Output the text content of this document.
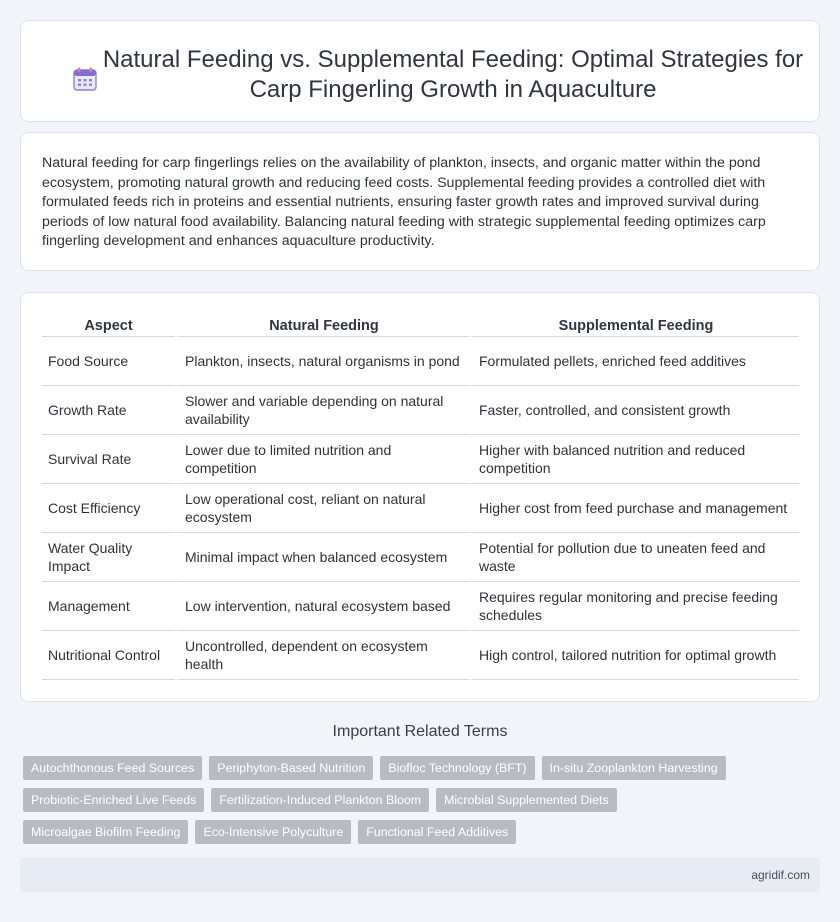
Natural Feeding vs. Supplemental Feeding: Optimal Strategies for Carp Fingerling Growth in Aquaculture

Natural feeding for carp fingerlings relies on the availability of plankton, insects, and organic matter within the pond ecosystem, promoting natural growth and reducing feed costs. Supplemental feeding provides a controlled diet with formulated feeds rich in proteins and essential nutrients, ensuring faster growth rates and improved survival during periods of low natural food availability. Balancing natural feeding with strategic supplemental feeding optimizes carp fingerling development and enhances aquaculture productivity.

Aspect	Natural Feeding	Supplemental Feeding
Food Source	Plankton, insects, natural organisms in pond	Formulated pellets, enriched feed additives
Growth Rate	Slower and variable depending on natural availability	Faster, controlled, and consistent growth
Survival Rate	Lower due to limited nutrition and competition	Higher with balanced nutrition and reduced competition
Cost Efficiency	Low operational cost, reliant on natural ecosystem	Higher cost from feed purchase and management
Water Quality Impact	Minimal impact when balanced ecosystem	Potential for pollution due to uneaten feed and waste
Management	Low intervention, natural ecosystem based	Requires regular monitoring and precise feeding schedules
Nutritional Control	Uncontrolled, dependent on ecosystem health	High control, tailored nutrition for optimal growth
Important Related Terms
Autochthonous Feed Sources	Periphyton-Based Nutrition	Biofloc Technology (BFT)	In-situ Zooplankton Harvesting
Probiotic-Enriched Live Feeds	Fertilization-Induced Plankton Bloom	Microbial Supplemented Diets
Microalgae Biofilm Feeding	Eco-Intensive Polyculture	Functional Feed Additives
agridif.com
